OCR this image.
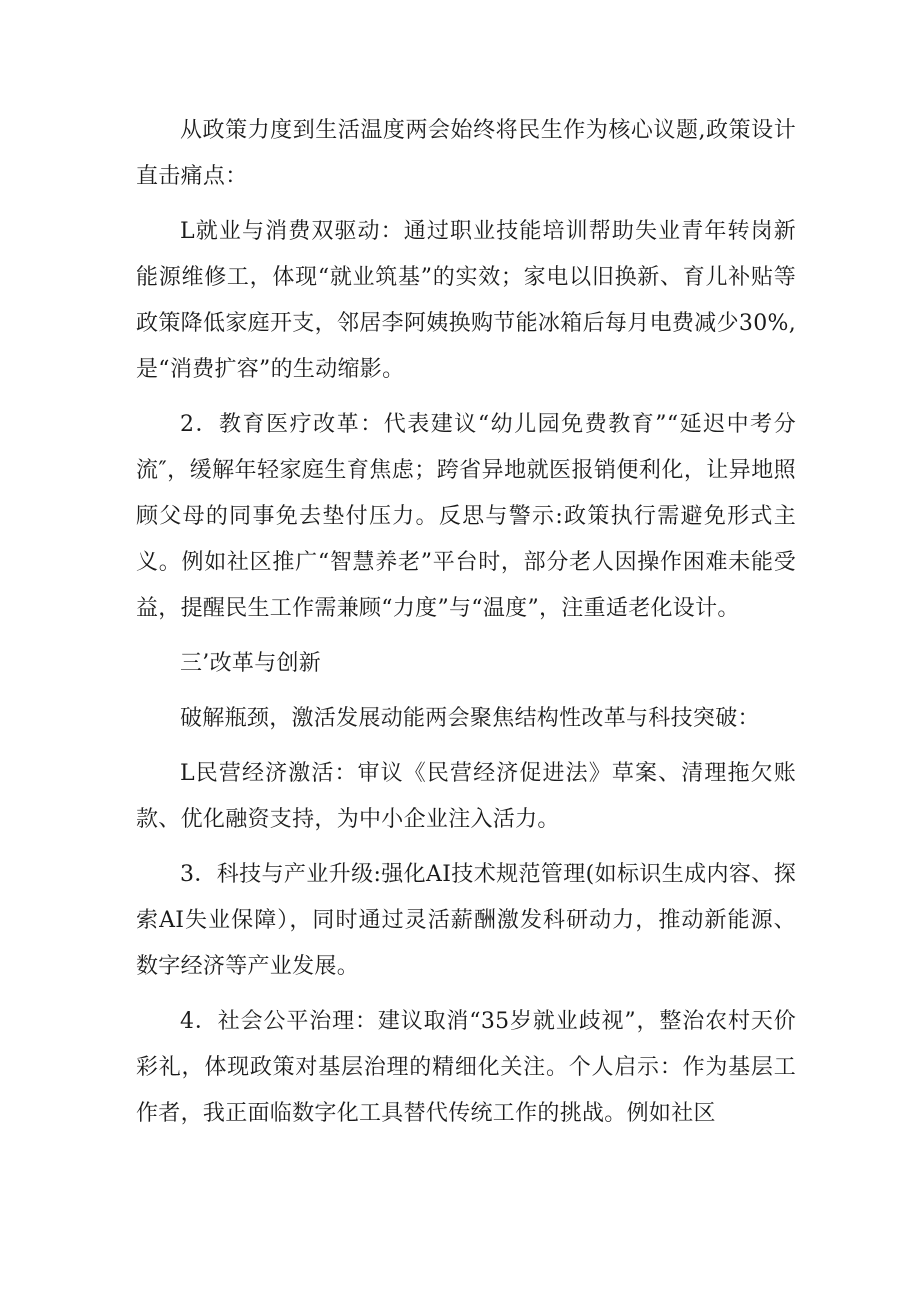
从政策力度到生活温度两会始终将民生作为核心议题,政策设计直击痛点：

L就业与消费双驱动：通过职业技能培训帮助失业青年转岗新能源维修工，体现“就业筑基”的实效；家电以旧换新、育儿补贴等政策降低家庭开支，邻居李阿姨换购节能冰箱后每月电费减少30%,是“消费扩容”的生动缩影。

2．教育医疗改革：代表建议“幼儿园免费教育”“延迟中考分流″，缓解年轻家庭生育焦虑；跨省异地就医报销便利化，让异地照顾父母的同事免去垫付压力。反思与警示:政策执行需避免形式主义。例如社区推广“智慧养老”平台时，部分老人因操作困难未能受益，提醒民生工作需兼顾“力度”与“温度”，注重适老化设计。

三’改革与创新

破解瓶颈，激活发展动能两会聚焦结构性改革与科技突破：

L民营经济激活：审议《民营经济促进法》草案、清理拖欠账款、优化融资支持，为中小企业注入活力。

3．科技与产业升级:强化AI技术规范管理(如标识生成内容、探索AI失业保障），同时通过灵活薪酬激发科研动力，推动新能源、数字经济等产业发展。

4．社会公平治理：建议取消“35岁就业歧视”，整治农村天价彩礼，体现政策对基层治理的精细化关注。个人启示：作为基层工作者，我正面临数字化工具替代传统工作的挑战。例如社区
